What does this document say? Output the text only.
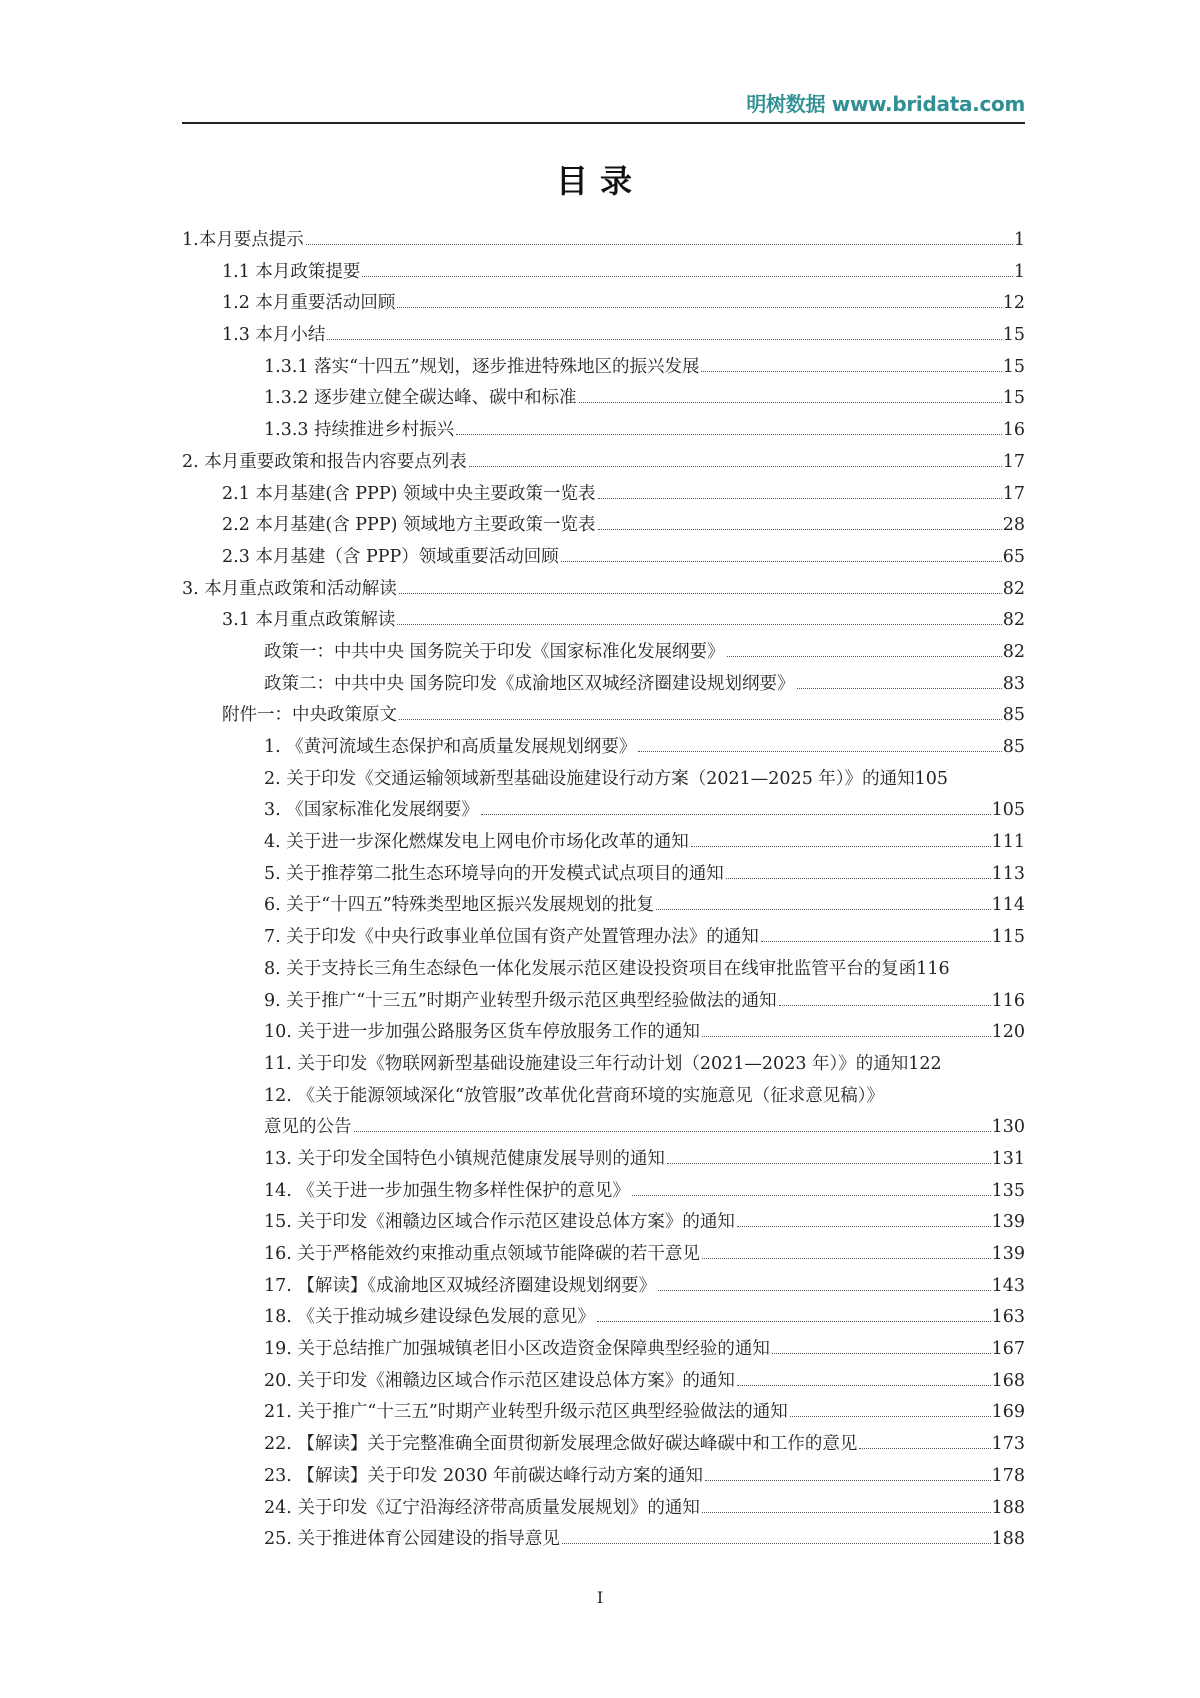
明树数据 www.bridata.com
目录
1.本月要点提示	1
1.1 本月政策提要	1
1.2 本月重要活动回顾	12
1.3 本月小结	15
1.3.1 落实“十四五”规划，逐步推进特殊地区的振兴发展	15
1.3.2 逐步建立健全碳达峰、碳中和标准	15
1.3.3 持续推进乡村振兴	16
2. 本月重要政策和报告内容要点列表	17
2.1 本月基建(含 PPP) 领域中央主要政策一览表	17
2.2 本月基建(含 PPP) 领域地方主要政策一览表	28
2.3 本月基建（含 PPP）领域重要活动回顾	65
3. 本月重点政策和活动解读	82
3.1 本月重点政策解读	82
政策一：中共中央 国务院关于印发《国家标准化发展纲要》	82
政策二：中共中央 国务院印发《成渝地区双城经济圈建设规划纲要》	83
附件一：中央政策原文	85
1. 《黄河流域生态保护和高质量发展规划纲要》	85
2. 关于印发《交通运输领域新型基础设施建设行动方案（2021—2025 年）》的通知 105
3. 《国家标准化发展纲要》	105
4. 关于进一步深化燃煤发电上网电价市场化改革的通知	111
5. 关于推荐第二批生态环境导向的开发模式试点项目的通知	113
6. 关于“十四五”特殊类型地区振兴发展规划的批复	114
7. 关于印发《中央行政事业单位国有资产处置管理办法》的通知	115
8. 关于支持长三角生态绿色一体化发展示范区建设投资项目在线审批监管平台的复函 116
9. 关于推广“十三五”时期产业转型升级示范区典型经验做法的通知	116
10. 关于进一步加强公路服务区货车停放服务工作的通知	120
11. 关于印发《物联网新型基础设施建设三年行动计划（2021—2023 年）》的通知 122
12. 《关于能源领域深化“放管服”改革优化营商环境的实施意见（征求意见稿）》
意见的公告	130
13. 关于印发全国特色小镇规范健康发展导则的通知	131
14. 《关于进一步加强生物多样性保护的意见》	135
15. 关于印发《湘赣边区域合作示范区建设总体方案》的通知	139
16. 关于严格能效约束推动重点领域节能降碳的若干意见	139
17. 【解读】《成渝地区双城经济圈建设规划纲要》	143
18. 《关于推动城乡建设绿色发展的意见》	163
19. 关于总结推广加强城镇老旧小区改造资金保障典型经验的通知	167
20. 关于印发《湘赣边区域合作示范区建设总体方案》的通知	168
21. 关于推广“十三五”时期产业转型升级示范区典型经验做法的通知	169
22. 【解读】关于完整准确全面贯彻新发展理念做好碳达峰碳中和工作的意见	173
23. 【解读】关于印发 2030 年前碳达峰行动方案的通知	178
24. 关于印发《辽宁沿海经济带高质量发展规划》的通知	188
25. 关于推进体育公园建设的指导意见	188
I
